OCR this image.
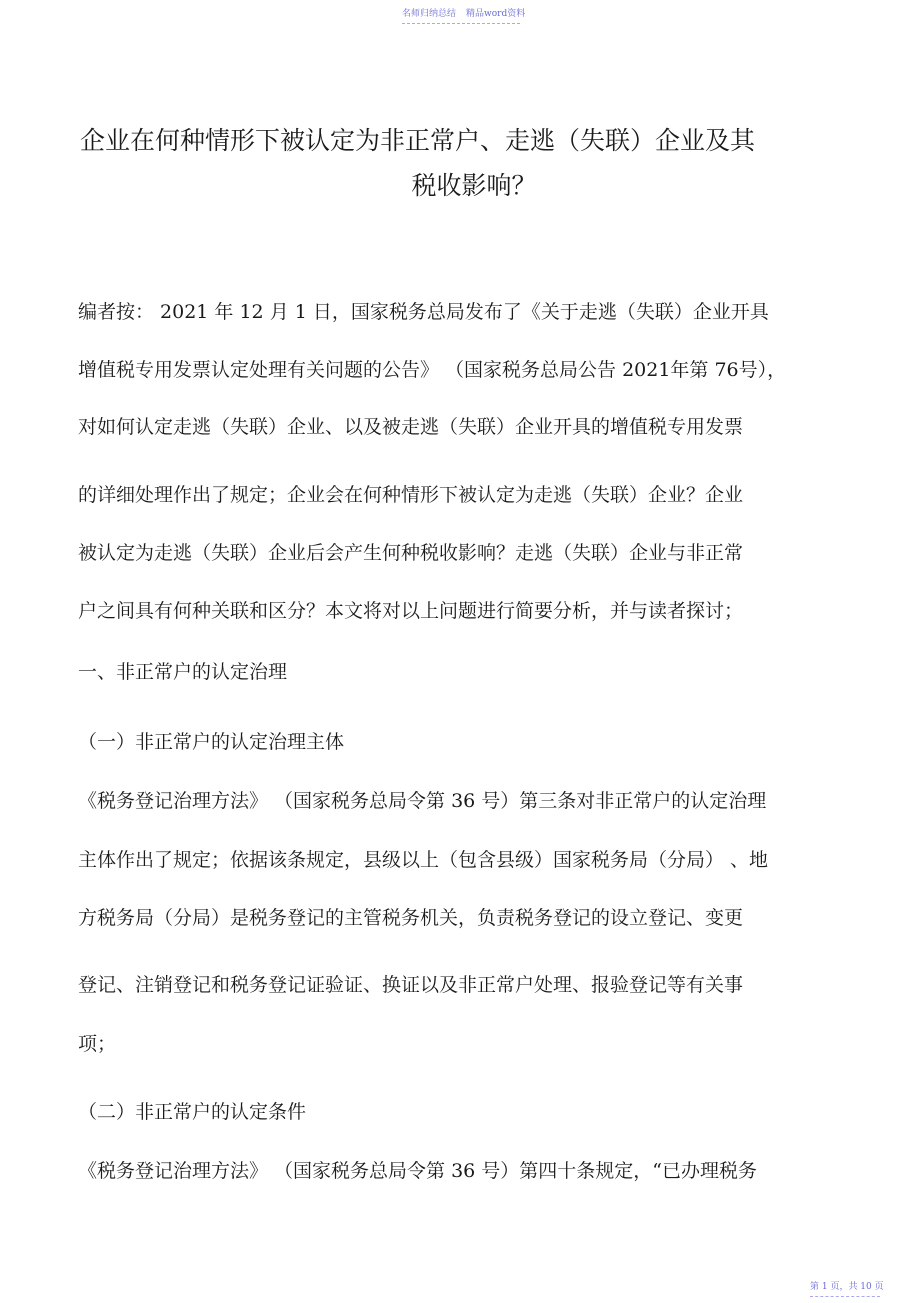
名师归纳总结 精品word资料
企业在何种情形下被认定为非正常户、走逃（失联）企业及其
税收影响？
编者按： 2021 年 12 月 1 日，国家税务总局发布了《关于走逃（失联）企业开具
增值税专用发票认定处理有关问题的公告》 （国家税务总局公告 2021年第 76号），
对如何认定走逃（失联）企业、以及被走逃（失联）企业开具的增值税专用发票
的详细处理作出了规定；企业会在何种情形下被认定为走逃（失联）企业？企业
被认定为走逃（失联）企业后会产生何种税收影响？走逃（失联）企业与非正常
户之间具有何种关联和区分？本文将对以上问题进行简要分析，并与读者探讨；
一、非正常户的认定治理
（一）非正常户的认定治理主体
《税务登记治理方法》 （国家税务总局令第 36 号）第三条对非正常户的认定治理
主体作出了规定；依据该条规定，县级以上（包含县级）国家税务局（分局） 、地
方税务局（分局）是税务登记的主管税务机关，负责税务登记的设立登记、变更
登记、注销登记和税务登记证验证、换证以及非正常户处理、报验登记等有关事
项；
（二）非正常户的认定条件
《税务登记治理方法》 （国家税务总局令第 36 号）第四十条规定，“已办理税务
第 1 页，共 10 页
